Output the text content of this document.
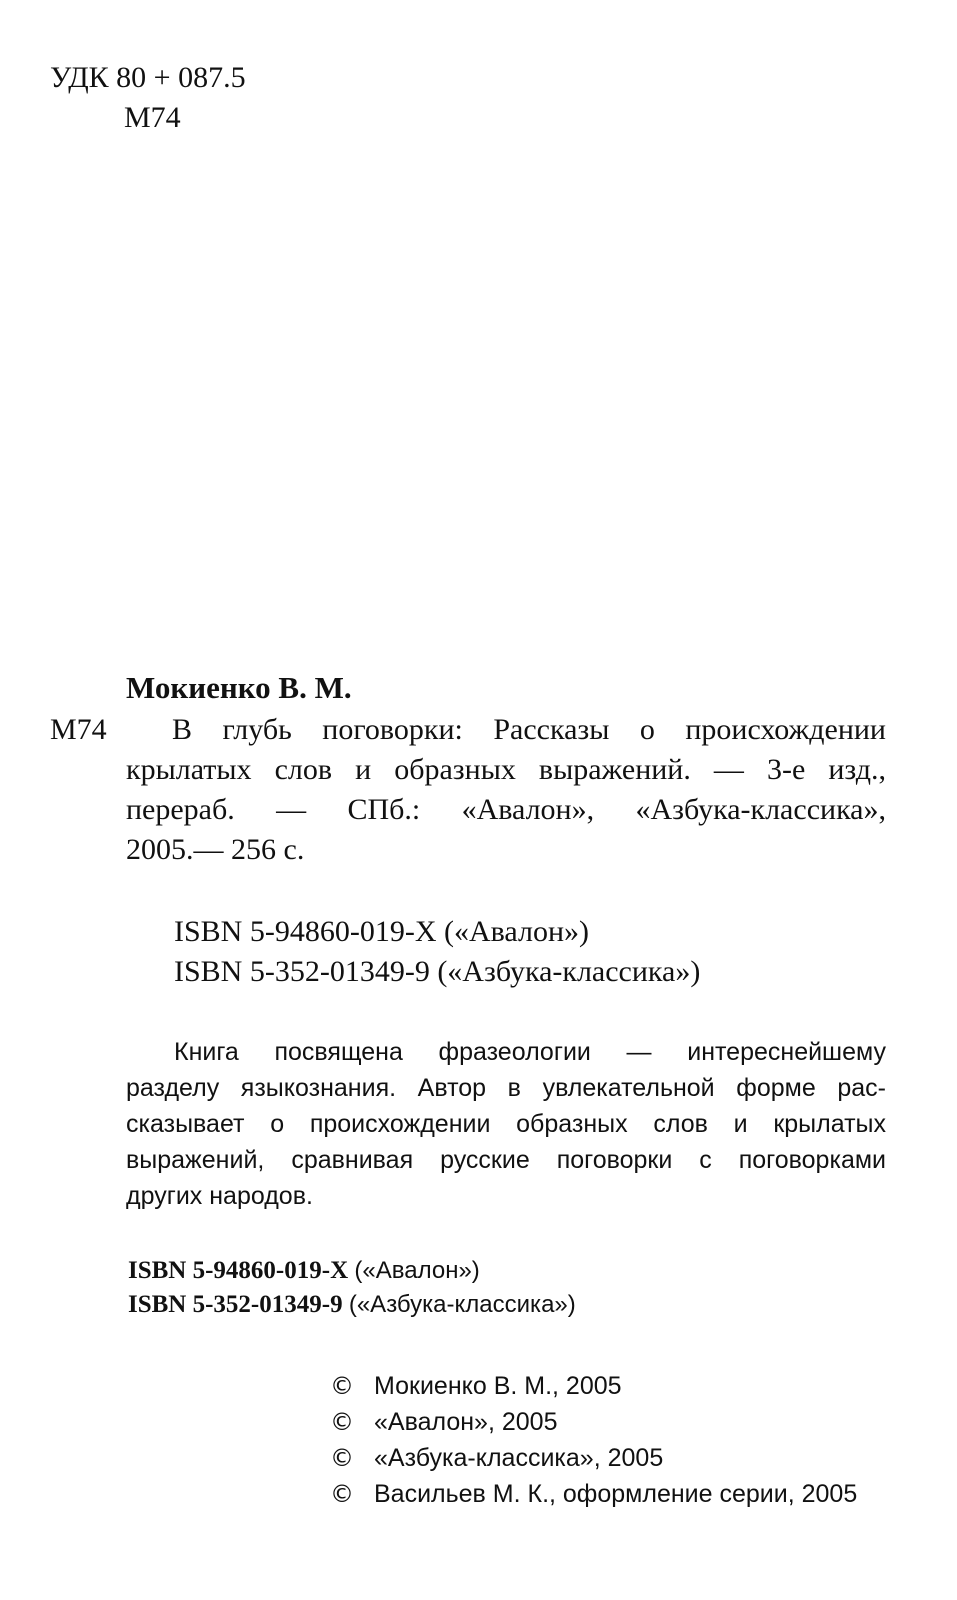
УДК 80 + 087.5
М74
Мокиенко В. М.
М74	В глубь поговорки: Рассказы о происхождении
крылатых слов и образных выражений. — 3-е изд.,
перераб. — СПб.: «Авалон», «Азбука-классика»,
2005.— 256 с.
ISBN 5-94860-019-X («Авалон»)
ISBN 5-352-01349-9 («Азбука-классика»)
Книга посвящена фразеологии — интереснейшему
разделу языкознания. Автор в увлекательной форме рас-
сказывает о происхождении образных слов и крылатых
выражений, сравнивая русские поговорки с поговорками
других народов.
ISBN 5-94860-019-X («Авалон»)
ISBN 5-352-01349-9 («Азбука-классика»)
© Мокиенко В. М., 2005
© «Авалон», 2005
© «Азбука-классика», 2005
© Васильев М. К., оформление серии, 2005
